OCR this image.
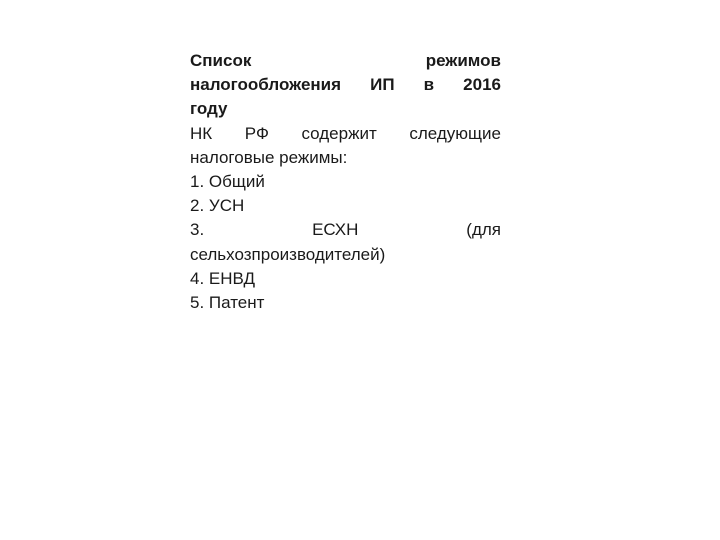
Список	режимов
налогообложения ИП в 2016
году
НК РФ содержит следующие
налоговые режимы:
1. Общий
2. УСН
3.	ЕСХН	(для
сельхозпроизводителей)
4. ЕНВД
5. Патент
